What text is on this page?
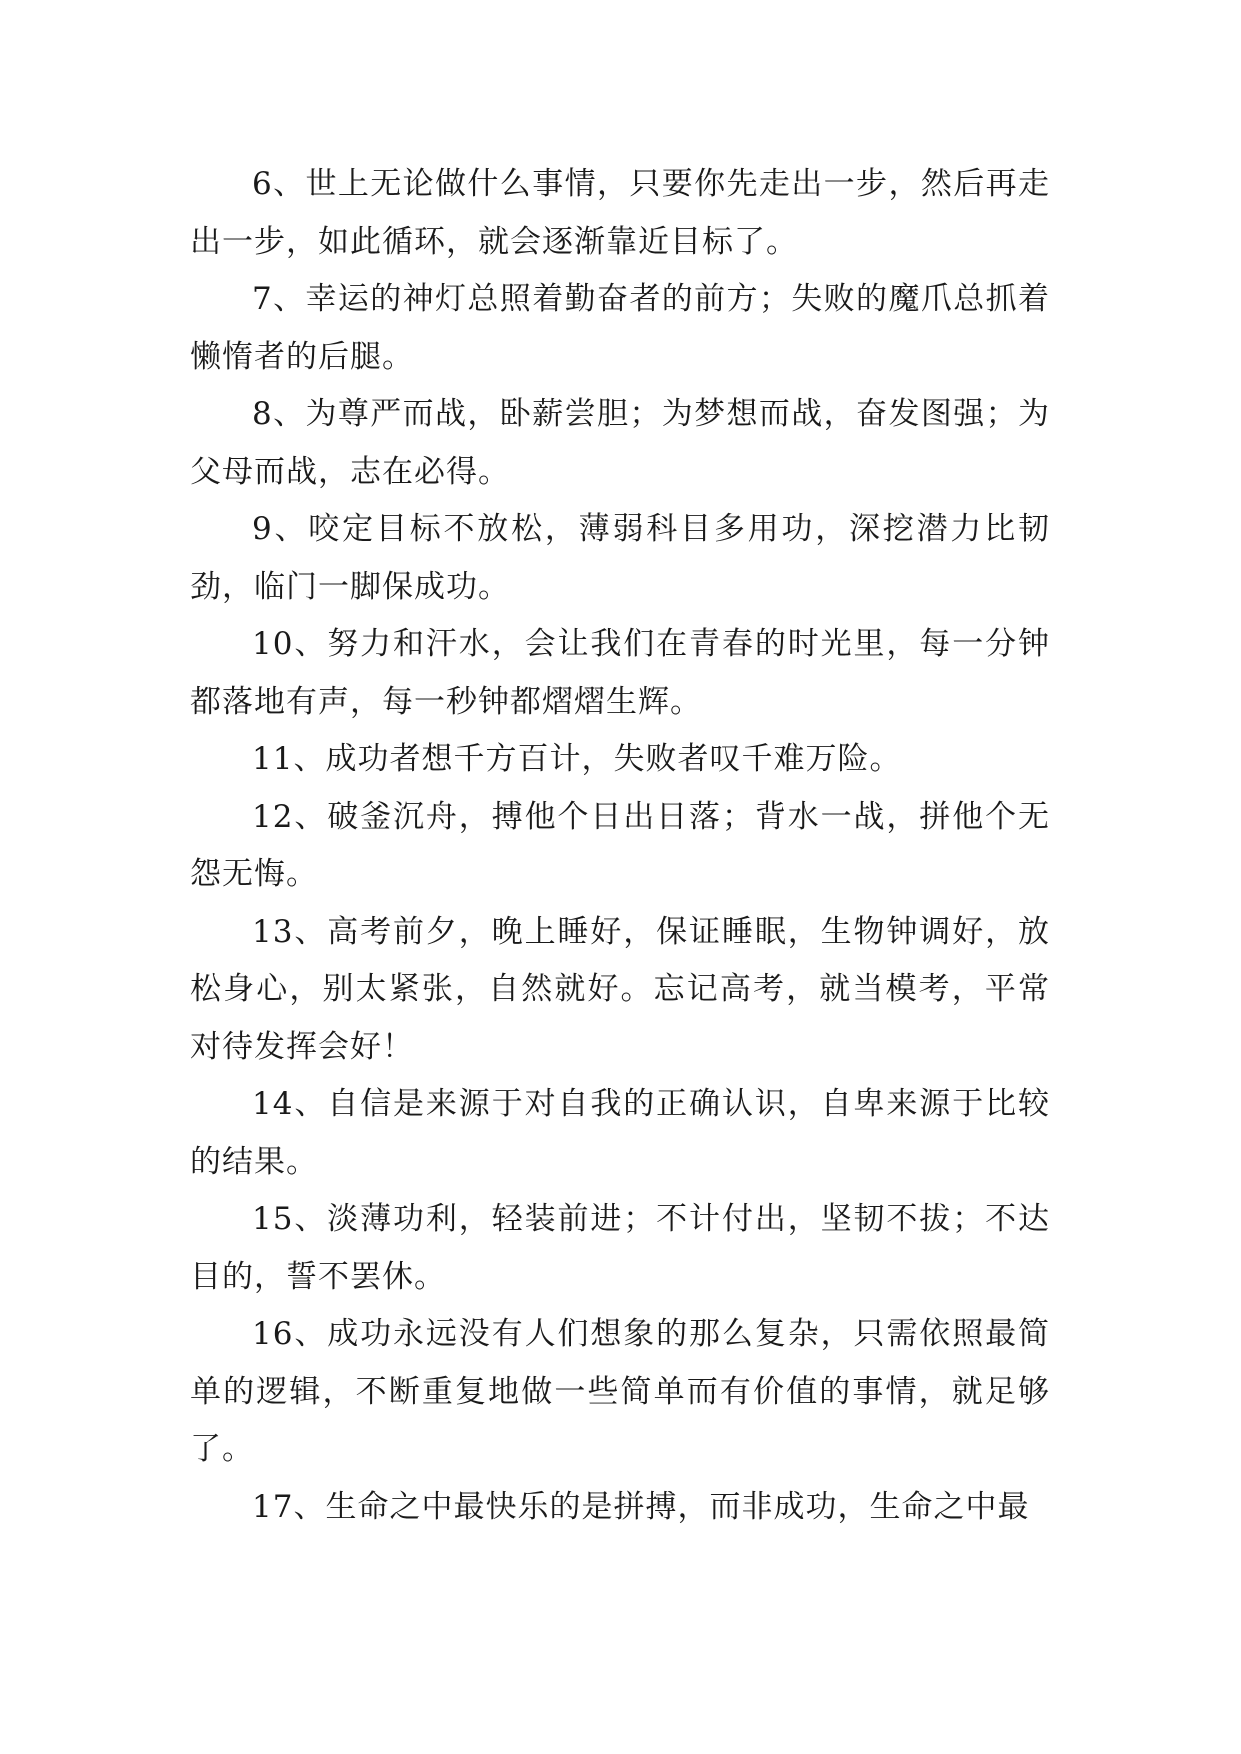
6、世上无论做什么事情，只要你先走出一步，然后再走出一步，如此循环，就会逐渐靠近目标了。

7、幸运的神灯总照着勤奋者的前方；失败的魔爪总抓着懒惰者的后腿。

8、为尊严而战，卧薪尝胆；为梦想而战，奋发图强；为父母而战，志在必得。

9、咬定目标不放松，薄弱科目多用功，深挖潜力比韧劲，临门一脚保成功。

10、努力和汗水，会让我们在青春的时光里，每一分钟都落地有声，每一秒钟都熠熠生辉。

11、成功者想千方百计，失败者叹千难万险。

12、破釜沉舟，搏他个日出日落；背水一战，拼他个无怨无悔。

13、高考前夕，晚上睡好，保证睡眠，生物钟调好，放松身心，别太紧张，自然就好。忘记高考，就当模考，平常对待发挥会好！

14、自信是来源于对自我的正确认识，自卑来源于比较的结果。

15、淡薄功利，轻装前进；不计付出，坚韧不拔；不达目的，誓不罢休。

16、成功永远没有人们想象的那么复杂，只需依照最简单的逻辑，不断重复地做一些简单而有价值的事情，就足够了。

17、生命之中最快乐的是拼搏，而非成功，生命之中最
